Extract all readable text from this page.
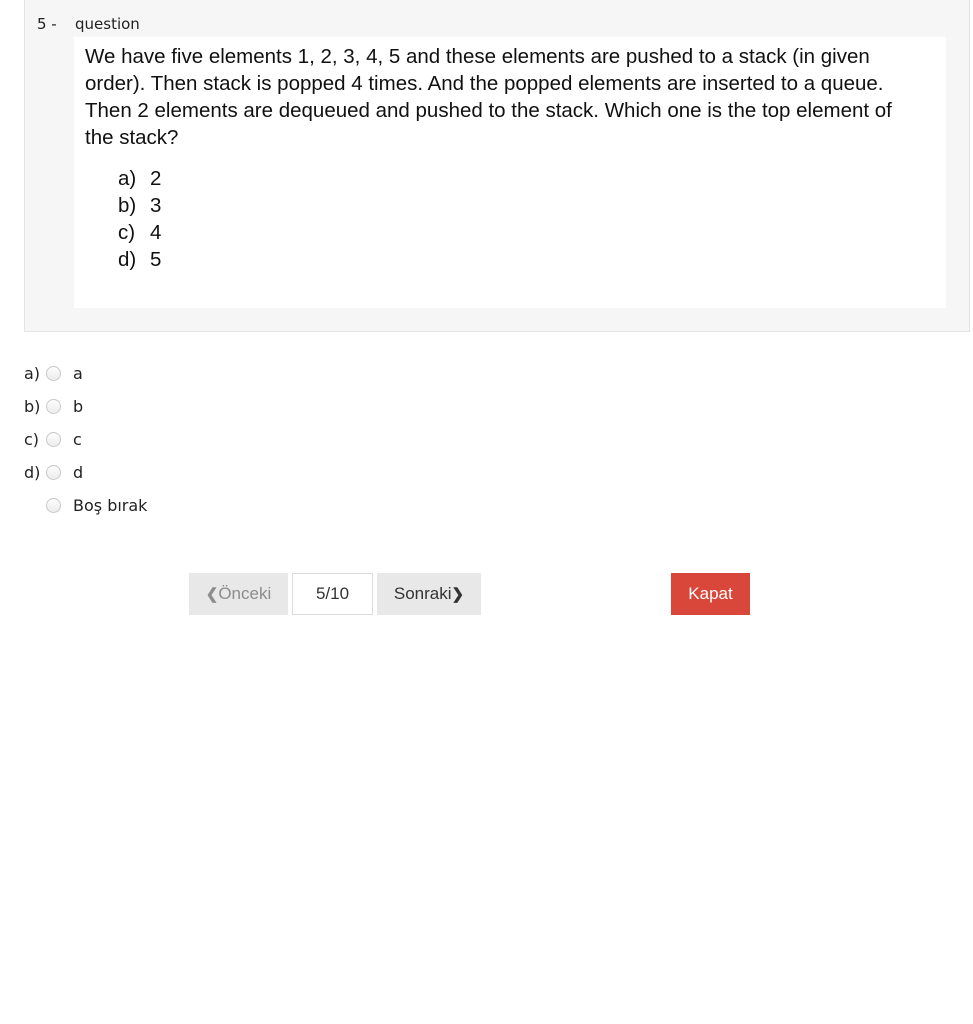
5 - question
We have five elements 1, 2, 3, 4, 5 and these elements are pushed to a stack (in given order). Then stack is popped 4 times. And the popped elements are inserted to a queue. Then 2 elements are dequeued and pushed to the stack. Which one is the top element of the stack?
a) 2
b) 3
c) 4
d) 5
a) a
b) b
c)	c
d) d
Boş bırak
❮ Önceki	5/10	Sonraki ❯	Kapat
